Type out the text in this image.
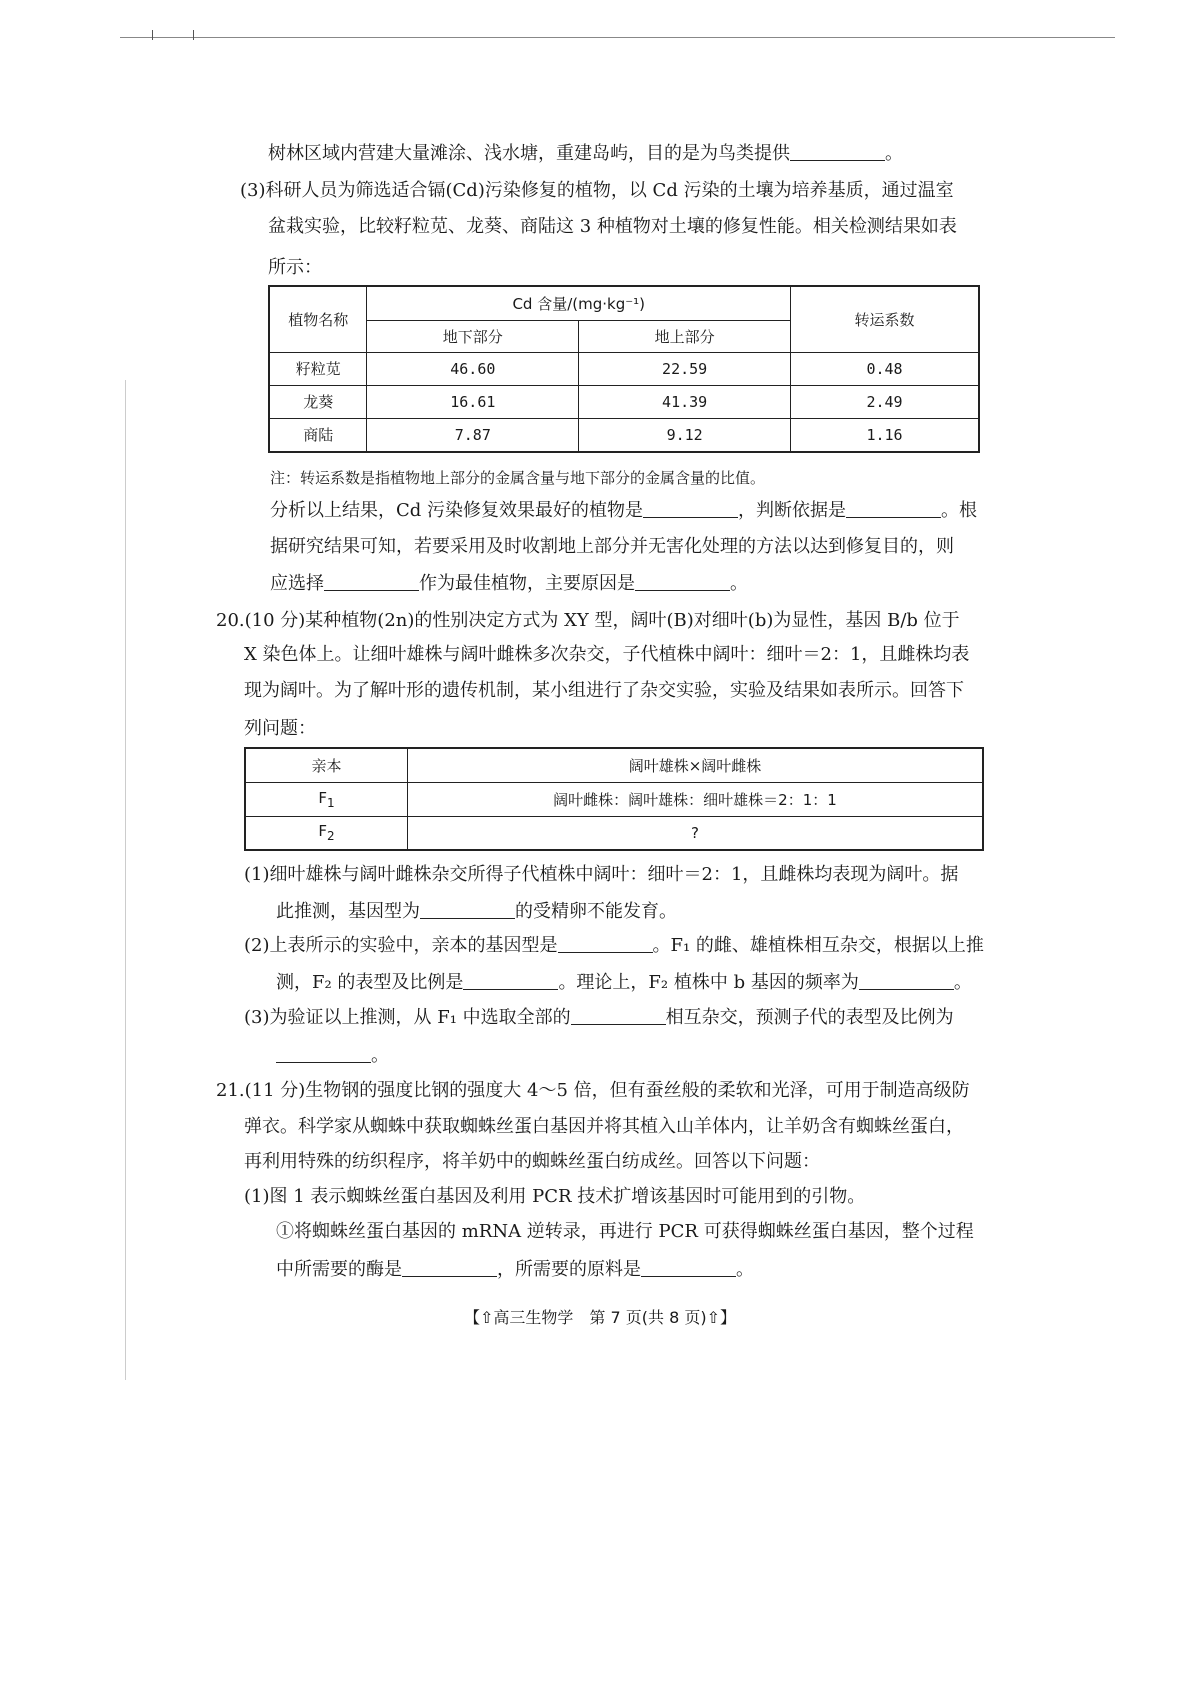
树林区域内营建大量滩涂、浅水塘，重建岛屿，目的是为鸟类提供	。
(3)科研人员为筛选适合镉(Cd)污染修复的植物，以 Cd 污染的土壤为培养基质，通过温室
盆栽实验，比较籽粒苋、龙葵、商陆这 3 种植物对土壤的修复性能。相关检测结果如表
所示：
植物名称	Cd 含量/(mg·kg⁻¹)		转运系数
	地下部分	地上部分	
籽粒苋	46.60	22.59	0.48
龙葵	16.61	41.39	2.49
商陆	7.87	9.12	1.16
注：转运系数是指植物地上部分的金属含量与地下部分的金属含量的比值。
分析以上结果，Cd 污染修复效果最好的植物是	，判断依据是	。根
据研究结果可知，若要采用及时收割地上部分并无害化处理的方法以达到修复目的，则
应选择	作为最佳植物，主要原因是	。
20.(10 分)某种植物(2n)的性别决定方式为 XY 型，阔叶(B)对细叶(b)为显性，基因 B/b 位于
X 染色体上。让细叶雄株与阔叶雌株多次杂交，子代植株中阔叶：细叶＝2：1，且雌株均表
现为阔叶。为了解叶形的遗传机制，某小组进行了杂交实验，实验及结果如表所示。回答下
列问题：
亲本	阔叶雄株×阔叶雌株
$F_1$	阔叶雌株：阔叶雄株：细叶雄株＝2：1：1
$F_2$	?
(1)细叶雄株与阔叶雌株杂交所得子代植株中阔叶：细叶＝2：1，且雌株均表现为阔叶。据
此推测，基因型为	的受精卵不能发育。
(2)上表所示的实验中，亲本的基因型是	。F₁ 的雌、雄植株相互杂交，根据以上推
测，F₂ 的表型及比例是	。理论上，F₂ 植株中 b 基因的频率为	。
(3)为验证以上推测，从 F₁ 中选取全部的	相互杂交，预测子代的表型及比例为
。
21.(11 分)生物钢的强度比钢的强度大 4～5 倍，但有蚕丝般的柔软和光泽，可用于制造高级防
弹衣。科学家从蜘蛛中获取蜘蛛丝蛋白基因并将其植入山羊体内，让羊奶含有蜘蛛丝蛋白，
再利用特殊的纺织程序，将羊奶中的蜘蛛丝蛋白纺成丝。回答以下问题：
(1)图 1 表示蜘蛛丝蛋白基因及利用 PCR 技术扩增该基因时可能用到的引物。
①将蜘蛛丝蛋白基因的 mRNA 逆转录，再进行 PCR 可获得蜘蛛丝蛋白基因，整个过程
中所需要的酶是	，所需要的原料是	。
【⇧高三生物学　第 7 页(共 8 页)⇧】
